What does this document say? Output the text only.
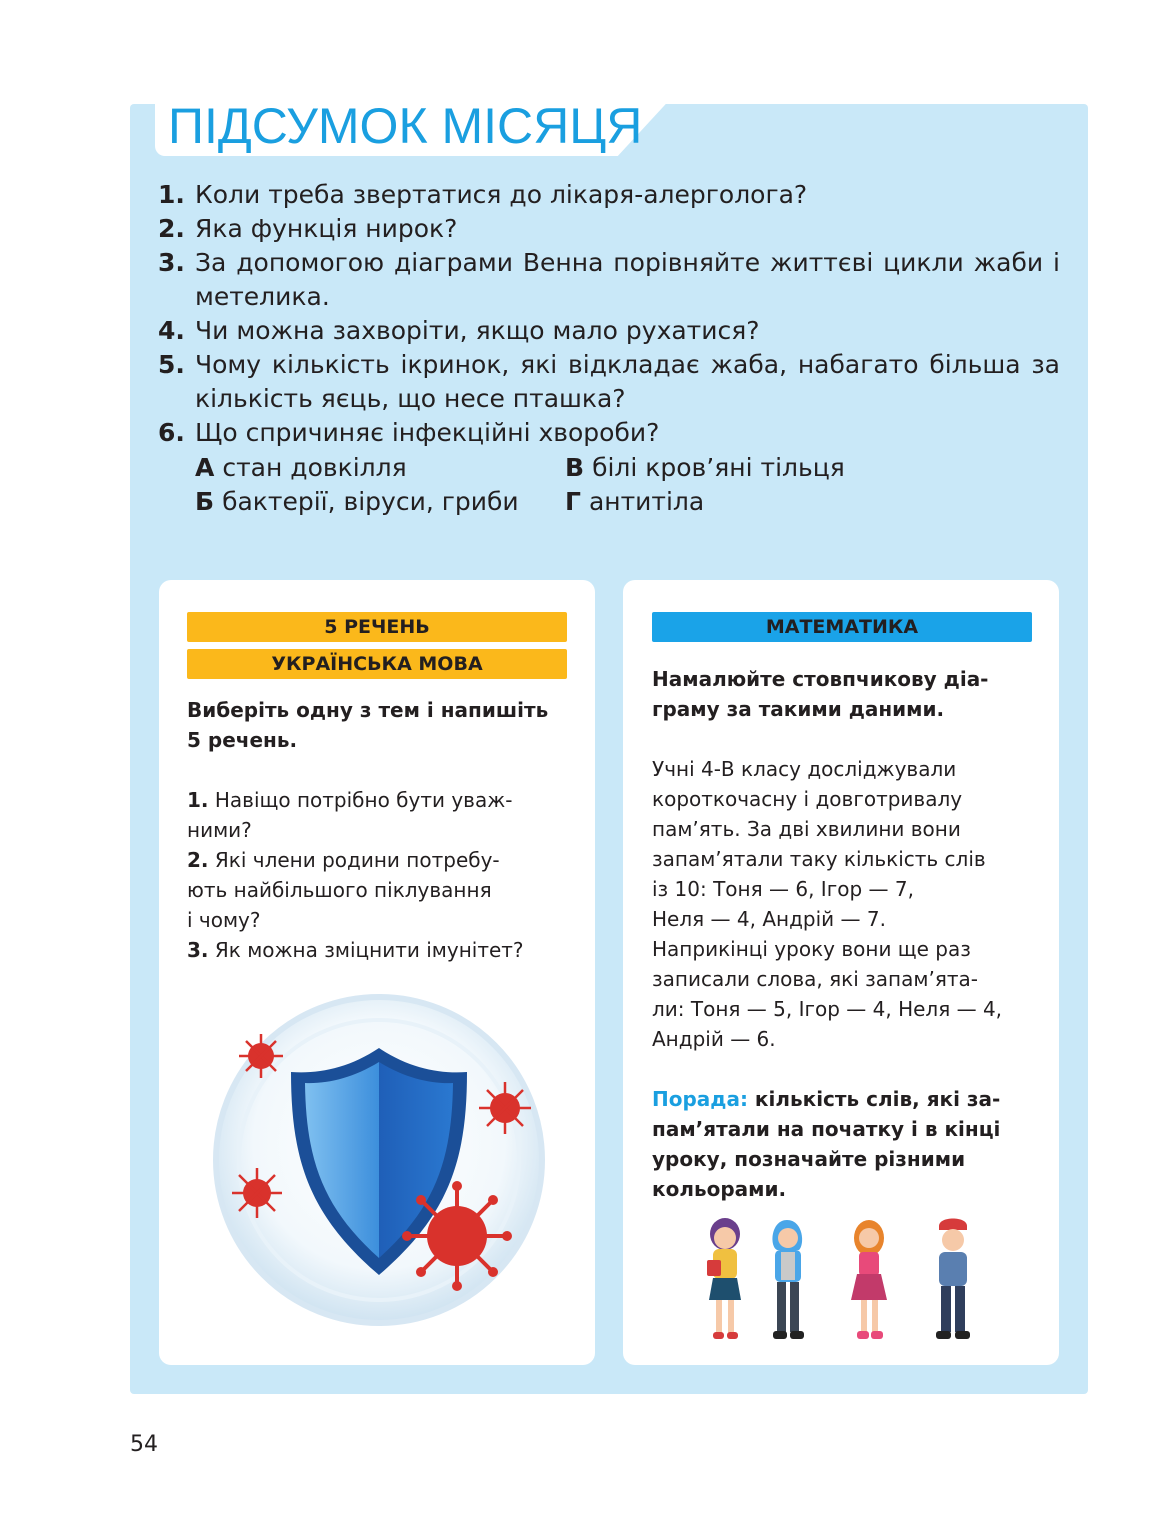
ПІДСУМОК МІСЯЦЯ
1. Коли треба звертатися до лікаря-алерголога?
2. Яка функція нирок?
3. За допомогою діаграми Венна порівняйте життєві цикли жаби і метелика.
4. Чи можна захворіти, якщо мало рухатися?
5. Чому кількість ікринок, які відкладає жаба, набагато більша за кількість яєць, що несе пташка?
6. Що спричиняє інфекційні хвороби?
А стан довкілля	В білі кров’яні тільця
Б бактерії, віруси, гриби Г антитіла
5 РЕЧЕНЬ
УКРАЇНСЬКА МОВА

Виберіть одну з тем і напишіть

5 речень.

1. Навіщо потрібно бути уваж-

ними?

2. Які члени родини потребу-

ють найбільшого піклування

і чому?

3. Як можна зміцнити імунітет?

МАТЕМАТИКА

Намалюйте стовпчикову діа-

граму за такими даними.

Учні 4-В класу досліджували

короткочасну і довготривалу

пам’ять. За дві хвилини вони

запам’ятали таку кількість слів

із 10: Тоня — 6, Ігор — 7,

Неля — 4, Андрій — 7.

Наприкінці уроку вони ще раз

записали слова, які запам’ята-

ли: Тоня — 5, Ігор — 4, Неля — 4,

Андрій — 6.

Порада: кількість слів, які за-

пам’ятали на початку і в кінці

уроку, позначайте різними

кольорами.

54
